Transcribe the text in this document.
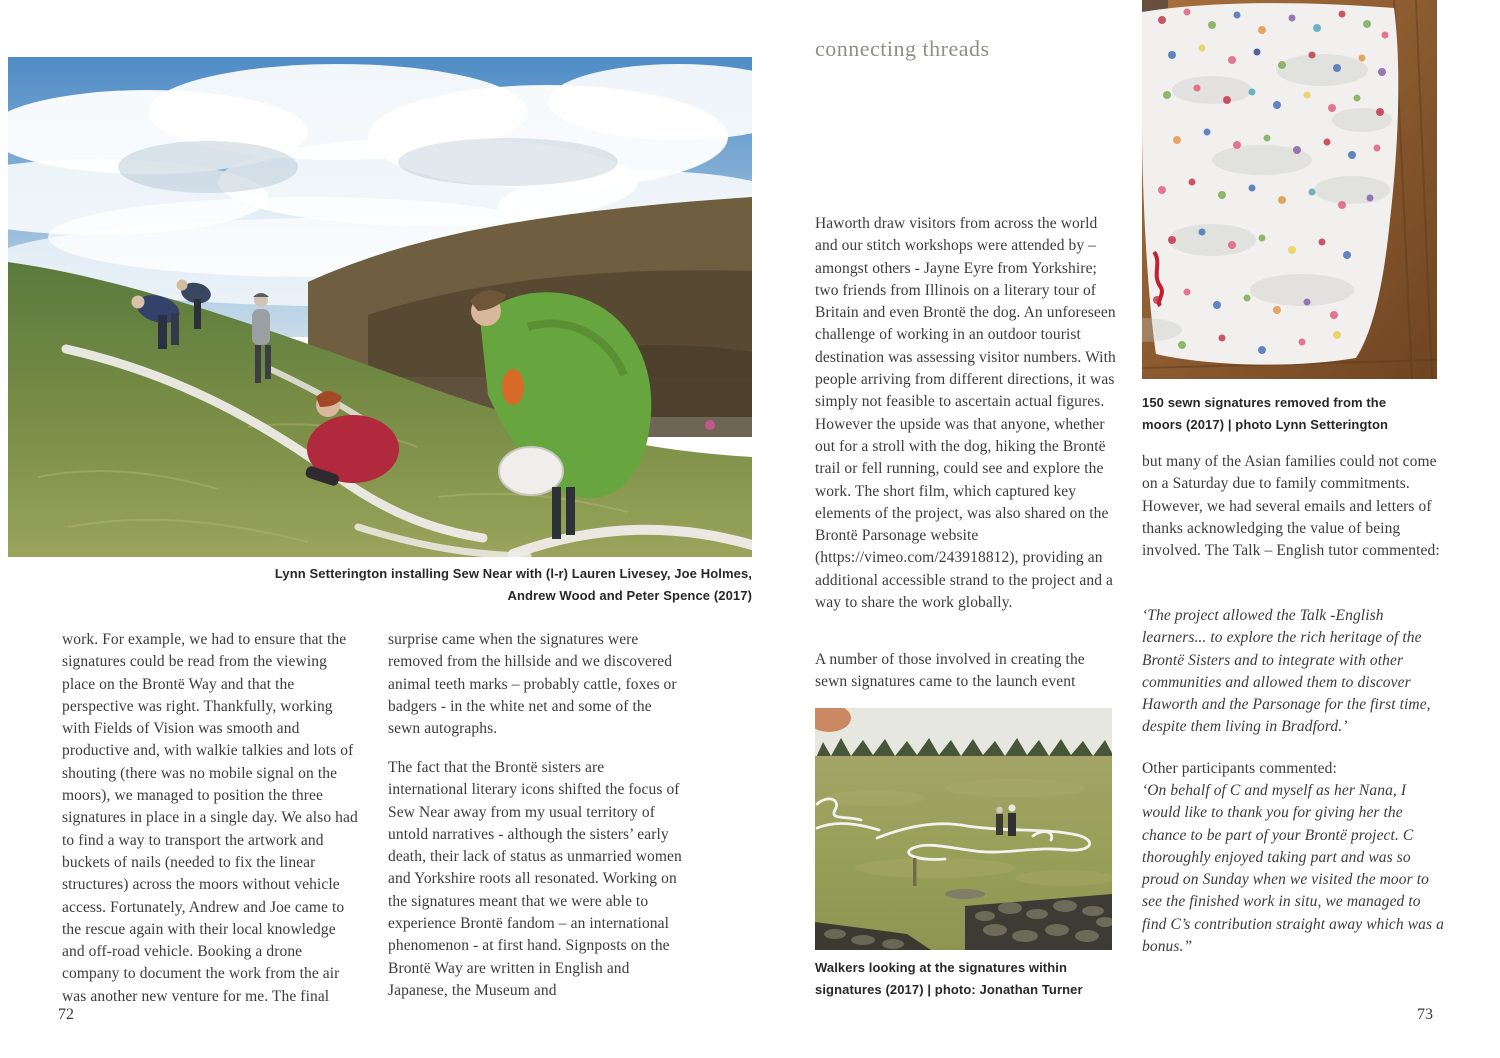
Lynn Setterington installing Sew Near with (l-r) Lauren Livesey, Joe Holmes,
Andrew Wood and Peter Spence (2017)
work. For example, we had to ensure that the signatures could be read from the viewing place on the Brontë Way and that the perspective was right. Thankfully, working with Fields of Vision was smooth and productive and, with walkie talkies and lots of shouting (there was no mobile signal on the moors), we managed to position the three signatures in place in a single day. We also had to find a way to transport the artwork and buckets of nails (needed to fix the linear structures) across the moors without vehicle access. Fortunately, Andrew and Joe came to the rescue again with their local knowledge and off-road vehicle. Booking a drone company to document the work from the air was another new venture for me. The final
surprise came when the signatures were removed from the hillside and we discovered animal teeth marks – probably cattle, foxes or badgers - in the white net and some of the sewn autographs.
The fact that the Brontë sisters are international literary icons shifted the focus of Sew Near away from my usual territory of untold narratives - although the sisters’ early death, their lack of status as unmarried women and Yorkshire roots all resonated. Working on the signatures meant that we were able to experience Brontë fandom – an international phenomenon - at first hand. Signposts on the Brontë Way are written in English and Japanese, the Museum and
72
connecting threads
Haworth draw visitors from across the world and our stitch workshops were attended by – amongst others - Jayne Eyre from Yorkshire; two friends from Illinois on a literary tour of Britain and even Brontë the dog. An unforeseen challenge of working in an outdoor tourist destination was assessing visitor numbers. With people arriving from different directions, it was simply not feasible to ascertain actual figures. However the upside was that anyone, whether out for a stroll with the dog, hiking the Brontë trail or fell running, could see and explore the work. The short film, which captured key elements of the project, was also shared on the Brontë Parsonage website (https://vimeo.com/243918812), providing an additional accessible strand to the project and a way to share the work globally.
A number of those involved in creating the sewn signatures came to the launch event
Walkers looking at the signatures within
signatures (2017) | photo: Jonathan Turner
150 sewn signatures removed from the
moors (2017) | photo Lynn Setterington
but many of the Asian families could not come on a Saturday due to family commitments. However, we had several emails and letters of thanks acknowledging the value of being involved. The Talk – English tutor commented:
‘The project allowed the Talk -English learners... to explore the rich heritage of the Brontë Sisters and to integrate with other communities and allowed them to discover Haworth and the Parsonage for the first time, despite them living in Bradford.’
Other participants commented:
‘On behalf of C and myself as her Nana, I would like to thank you for giving her the chance to be part of your Brontë project. C thoroughly enjoyed taking part and was so proud on Sunday when we visited the moor to see the finished work in situ, we managed to find C’s contribution straight away which was a bonus.”
73
